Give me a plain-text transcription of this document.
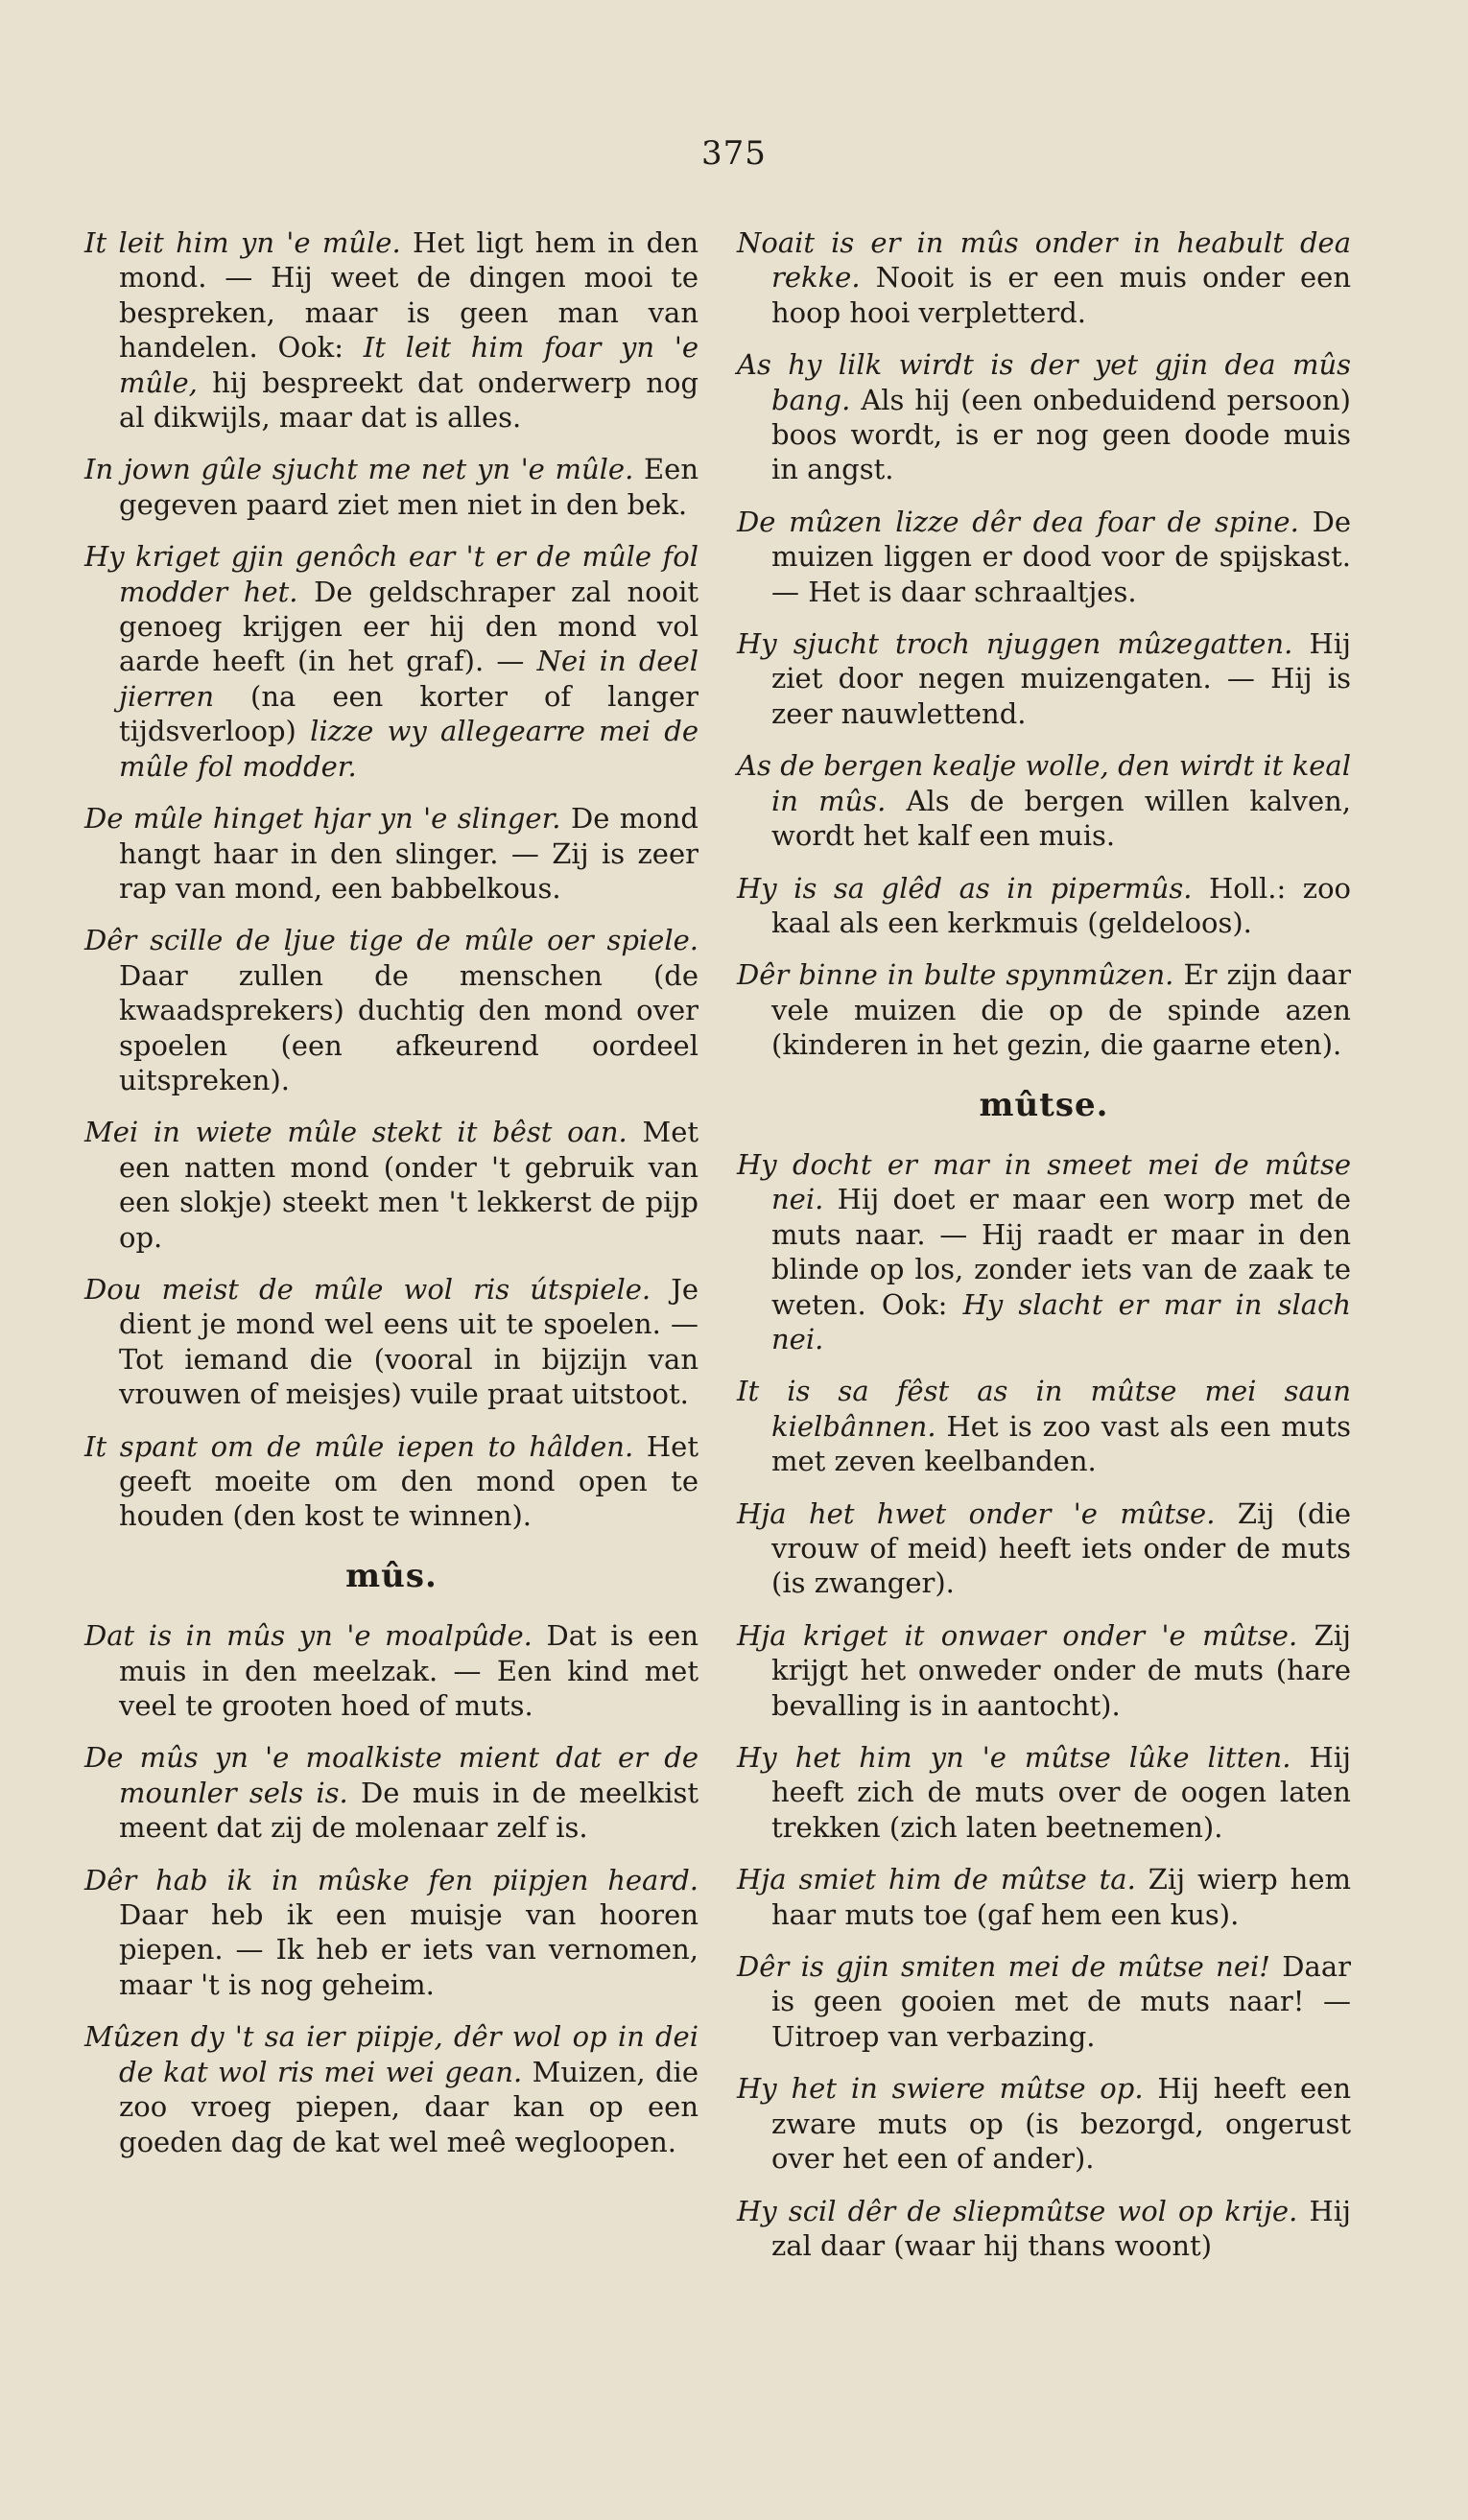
375

It leit him yn 'e mûle. Het ligt hem in den mond. — Hij weet de dingen mooi te bespreken, maar is geen man van handelen. Ook: It leit him foar yn 'e mûle, hij bespreekt dat onderwerp nog al dikwijls, maar dat is alles.

In jown gûle sjucht me net yn 'e mûle. Een gegeven paard ziet men niet in den bek.

Hy kriget gjin genôch ear 't er de mûle fol modder het. De geldschraper zal nooit genoeg krijgen eer hij den mond vol aarde heeft (in het graf). — Nei in deel jierren (na een korter of langer tijdsverloop) lizze wy allegearre mei de mûle fol modder.

De mûle hinget hjar yn 'e slinger. De mond hangt haar in den slinger. — Zij is zeer rap van mond, een babbelkous.

Dêr scille de ljue tige de mûle oer spiele. Daar zullen de menschen (de kwaadsprekers) duchtig den mond over spoelen (een afkeurend oordeel uitspreken).

Mei in wiete mûle stekt it bêst oan. Met een natten mond (onder 't gebruik van een slokje) steekt men 't lekkerst de pijp op.

Dou meist de mûle wol ris útspiele. Je dient je mond wel eens uit te spoelen. — Tot iemand die (vooral in bijzijn van vrouwen of meisjes) vuile praat uitstoot.

It spant om de mûle iepen to hâlden. Het geeft moeite om den mond open te houden (den kost te winnen).

mûs.

Dat is in mûs yn 'e moalpûde. Dat is een muis in den meelzak. — Een kind met veel te grooten hoed of muts.

De mûs yn 'e moalkiste mient dat er de mounler sels is. De muis in de meelkist meent dat zij de molenaar zelf is.

Dêr hab ik in mûske fen piipjen heard. Daar heb ik een muisje van hooren piepen. — Ik heb er iets van vernomen, maar 't is nog geheim.

Mûzen dy 't sa ier piipje, dêr wol op in dei de kat wol ris mei wei gean. Muizen, die zoo vroeg piepen, daar kan op een goeden dag de kat wel meê wegloopen.

Noait is er in mûs onder in heabult dea rekke. Nooit is er een muis onder een hoop hooi verpletterd.

As hy lilk wirdt is der yet gjin dea mûs bang. Als hij (een onbeduidend persoon) boos wordt, is er nog geen doode muis in angst.

De mûzen lizze dêr dea foar de spine. De muizen liggen er dood voor de spijskast. — Het is daar schraaltjes.

Hy sjucht troch njuggen mûzegatten. Hij ziet door negen muizengaten. — Hij is zeer nauwlettend.

As de bergen kealje wolle, den wirdt it keal in mûs. Als de bergen willen kalven, wordt het kalf een muis.

Hy is sa glêd as in pipermûs. Holl.: zoo kaal als een kerkmuis (geldeloos).

Dêr binne in bulte spynmûzen. Er zijn daar vele muizen die op de spinde azen (kinderen in het gezin, die gaarne eten).

mûtse.

Hy docht er mar in smeet mei de mûtse nei. Hij doet er maar een worp met de muts naar. — Hij raadt er maar in den blinde op los, zonder iets van de zaak te weten. Ook: Hy slacht er mar in slach nei.

It is sa fêst as in mûtse mei saun kielbânnen. Het is zoo vast als een muts met zeven keelbanden.

Hja het hwet onder 'e mûtse. Zij (die vrouw of meid) heeft iets onder de muts (is zwanger).

Hja kriget it onwaer onder 'e mûtse. Zij krijgt het onweder onder de muts (hare bevalling is in aantocht).

Hy het him yn 'e mûtse lûke litten. Hij heeft zich de muts over de oogen laten trekken (zich laten beetnemen).

Hja smiet him de mûtse ta. Zij wierp hem haar muts toe (gaf hem een kus).

Dêr is gjin smiten mei de mûtse nei! Daar is geen gooien met de muts naar! — Uitroep van verbazing.

Hy het in swiere mûtse op. Hij heeft een zware muts op (is bezorgd, ongerust over het een of ander).

Hy scil dêr de sliepmûtse wol op krije. Hij zal daar (waar hij thans woont)
